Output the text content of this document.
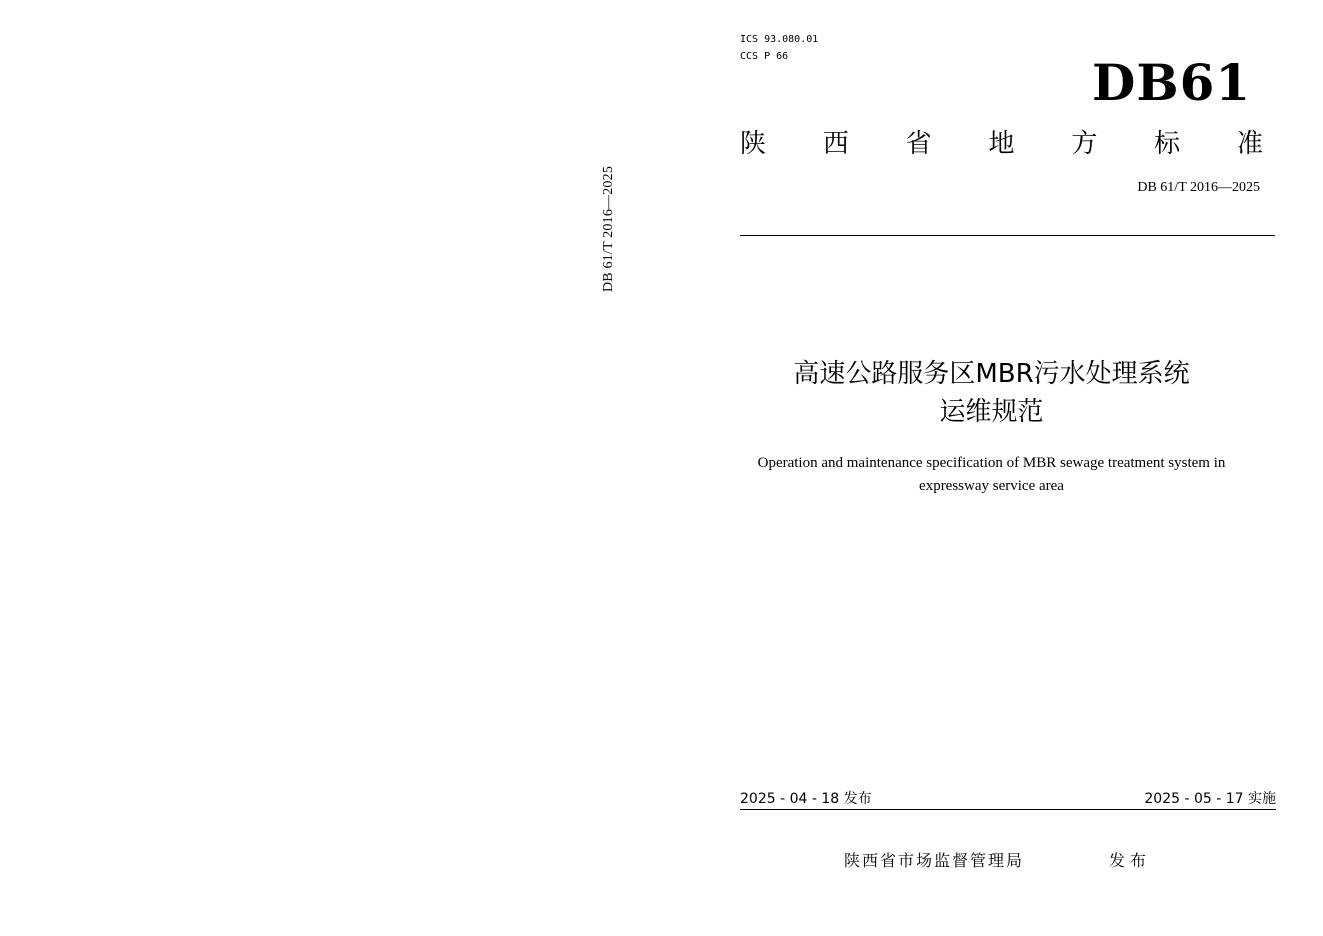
DB 61/T 2016—2025
ICS 93.080.01
CCS P 66	DB61
陕 西 省 地 方 标 准
DB 61/T 2016—2025
高速公路服务区MBR污水处理系统
运维规范
Operation and maintenance specification of MBR sewage treatment system in
expressway service area
2025 - 04 - 18 发布	2025 - 05 - 17 实施
陕西省市场监督管理局	发布
